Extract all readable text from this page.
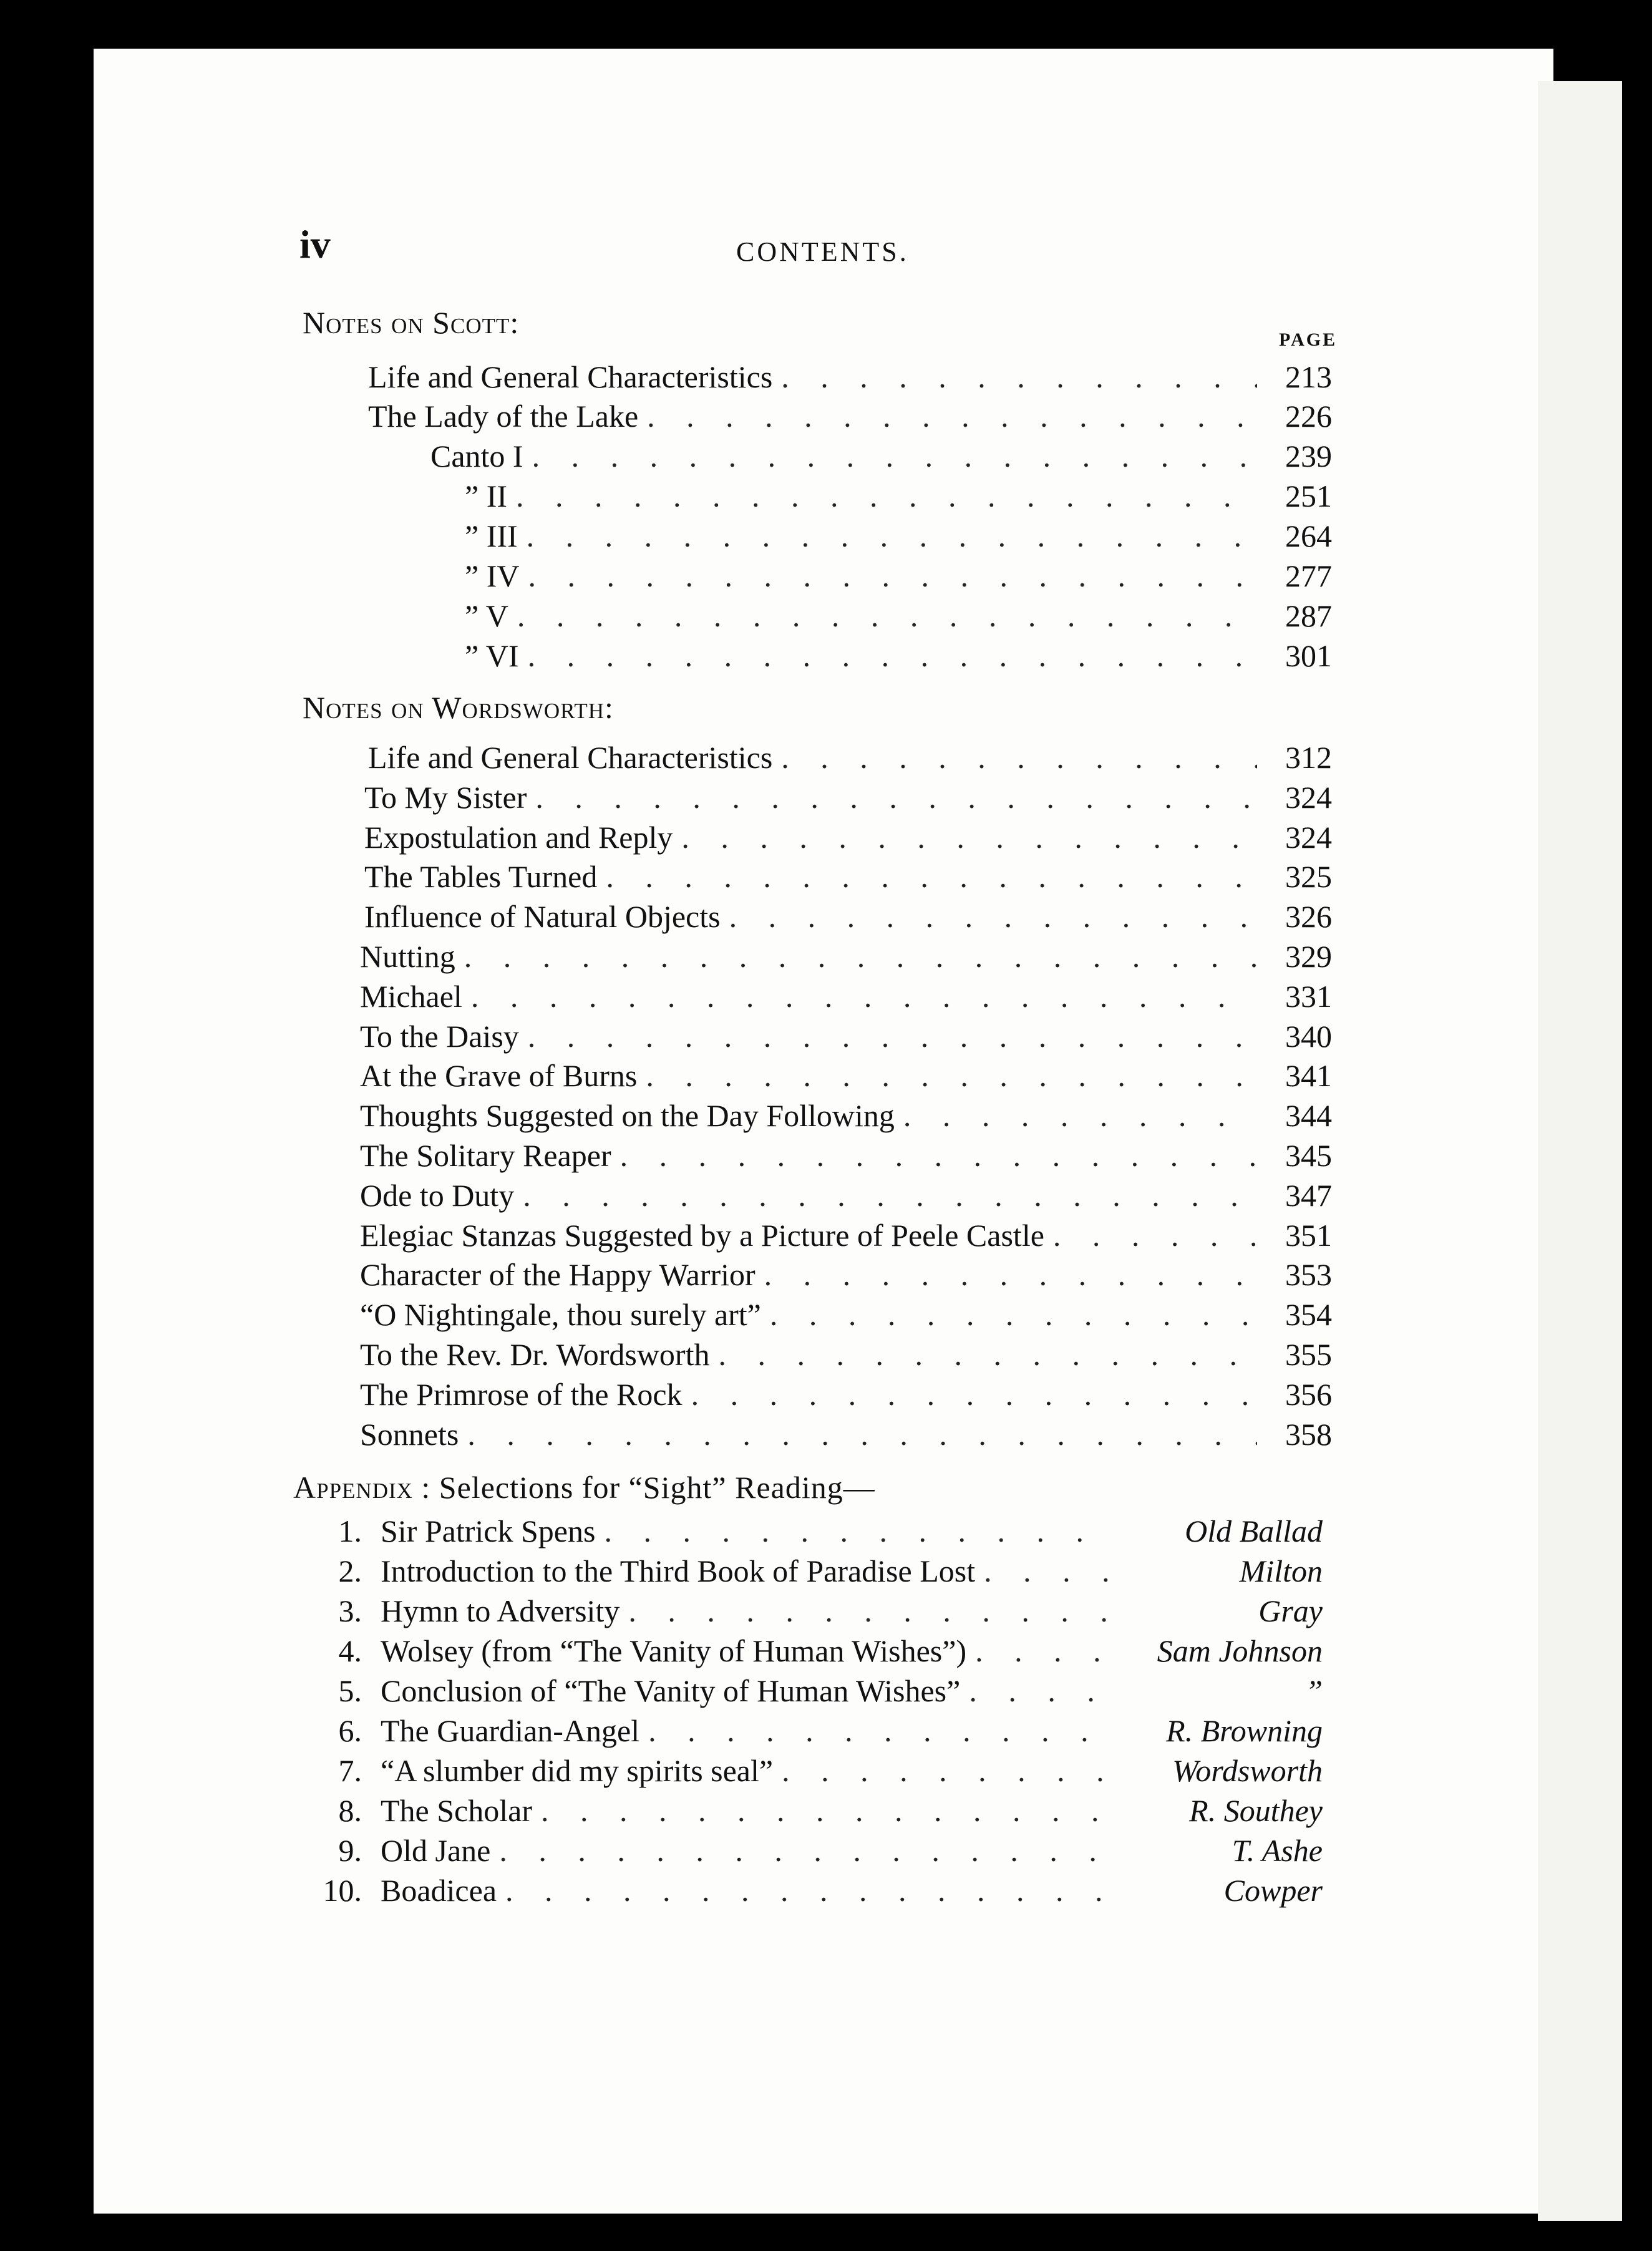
iv	CONTENTS.
PAGE
Notes on Scott:
Life and General Characteristics . . .	213
The Lady of the Lake . . .	226
Canto I . . .	239
” II . . .	251
” III . . .	264
” IV . . .	277
” V . . .	287
” VI . . .	301
Notes on Wordsworth:
Life and General Characteristics . . .	312
To My Sister . . .	324
Expostulation and Reply . . .	324
The Tables Turned . . .	325
Influence of Natural Objects . . .	326
Nutting . . .	329
Michael . . .	331
To the Daisy . . .	340
At the Grave of Burns . . .	341
Thoughts Suggested on the Day Following . . .	344
The Solitary Reaper . . .	345
Ode to Duty . . .	347
Elegiac Stanzas Suggested by a Picture of Peele Castle . . .	351
Character of the Happy Warrior . . .	353
“O Nightingale, thou surely art” . . .	354
To the Rev. Dr. Wordsworth . . .	355
The Primrose of the Rock . . .	356
Sonnets . . .	358
Appendix : Selections for “Sight” Reading—
1. Sir Patrick Spens . . .	Old Ballad
2. Introduction to the Third Book of Paradise Lost . . .	Milton
3. Hymn to Adversity . . .	Gray
4. Wolsey (from “The Vanity of Human Wishes”) . . .	Sam Johnson
5. Conclusion of “The Vanity of Human Wishes” . . .	”
6. The Guardian-Angel . . .	R. Browning
7. “A slumber did my spirits seal” . . .	Wordsworth
8. The Scholar . . .	R. Southey
9. Old Jane . . .	T. Ashe
10. Boadicea . . .	Cowper
